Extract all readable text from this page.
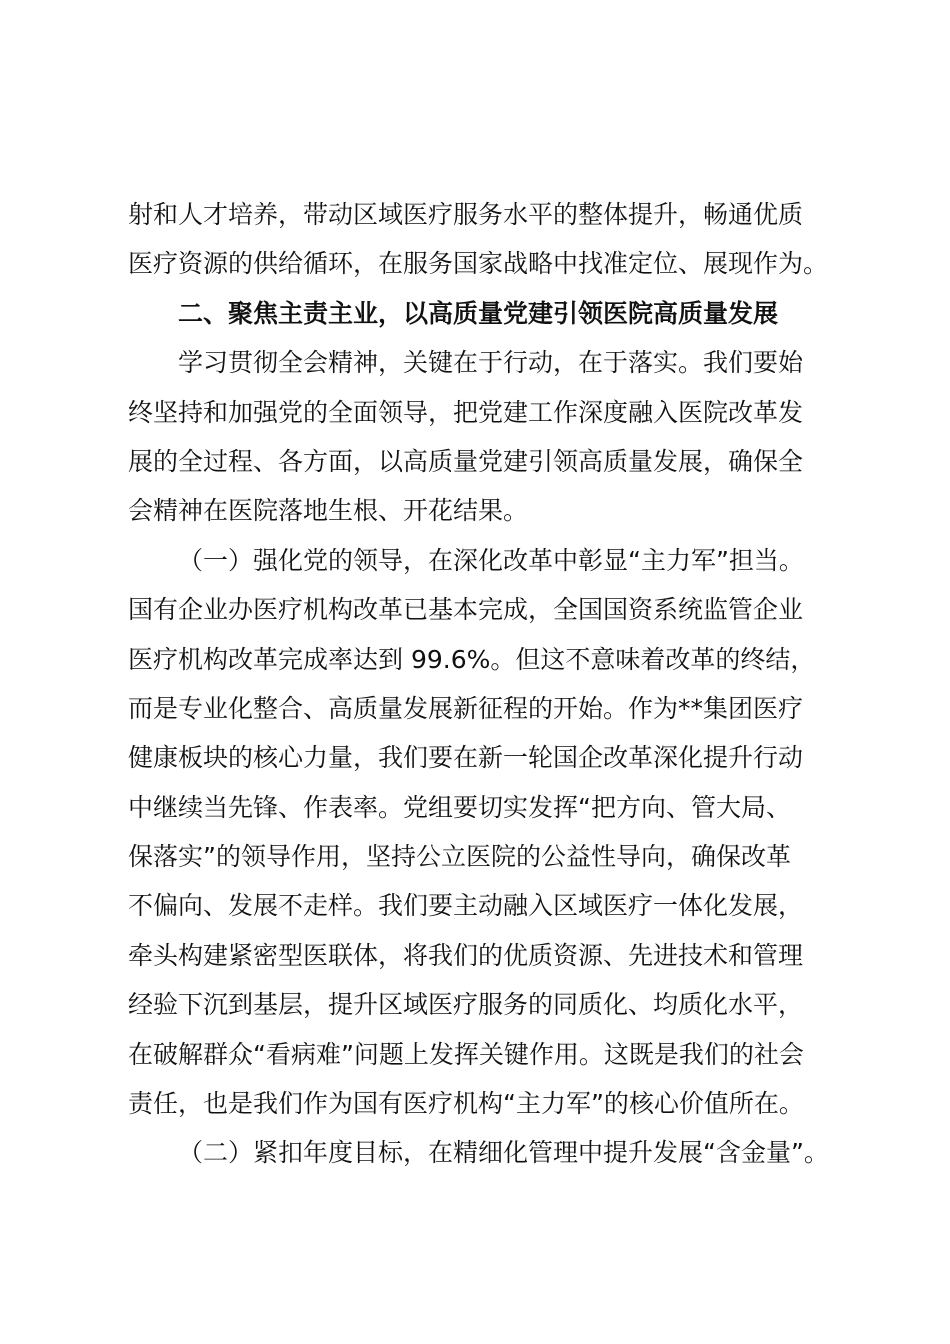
射和人才培养，带动区域医疗服务水平的整体提升，畅通优质
医疗资源的供给循环，在服务国家战略中找准定位、展现作为。
二、聚焦主责主业，以高质量党建引领医院高质量发展
学习贯彻全会精神，关键在于行动，在于落实。我们要始
终坚持和加强党的全面领导，把党建工作深度融入医院改革发
展的全过程、各方面，以高质量党建引领高质量发展，确保全
会精神在医院落地生根、开花结果。
（一）强化党的领导，在深化改革中彰显“主力军”担当。
国有企业办医疗机构改革已基本完成，全国国资系统监管企业
医疗机构改革完成率达到 99.6%。但这不意味着改革的终结，
而是专业化整合、高质量发展新征程的开始。作为**集团医疗
健康板块的核心力量，我们要在新一轮国企改革深化提升行动
中继续当先锋、作表率。党组要切实发挥“把方向、管大局、
保落实”的领导作用，坚持公立医院的公益性导向，确保改革
不偏向、发展不走样。我们要主动融入区域医疗一体化发展，
牵头构建紧密型医联体，将我们的优质资源、先进技术和管理
经验下沉到基层，提升区域医疗服务的同质化、均质化水平，
在破解群众“看病难”问题上发挥关键作用。这既是我们的社会
责任，也是我们作为国有医疗机构“主力军”的核心价值所在。
（二）紧扣年度目标，在精细化管理中提升发展“含金量”。
